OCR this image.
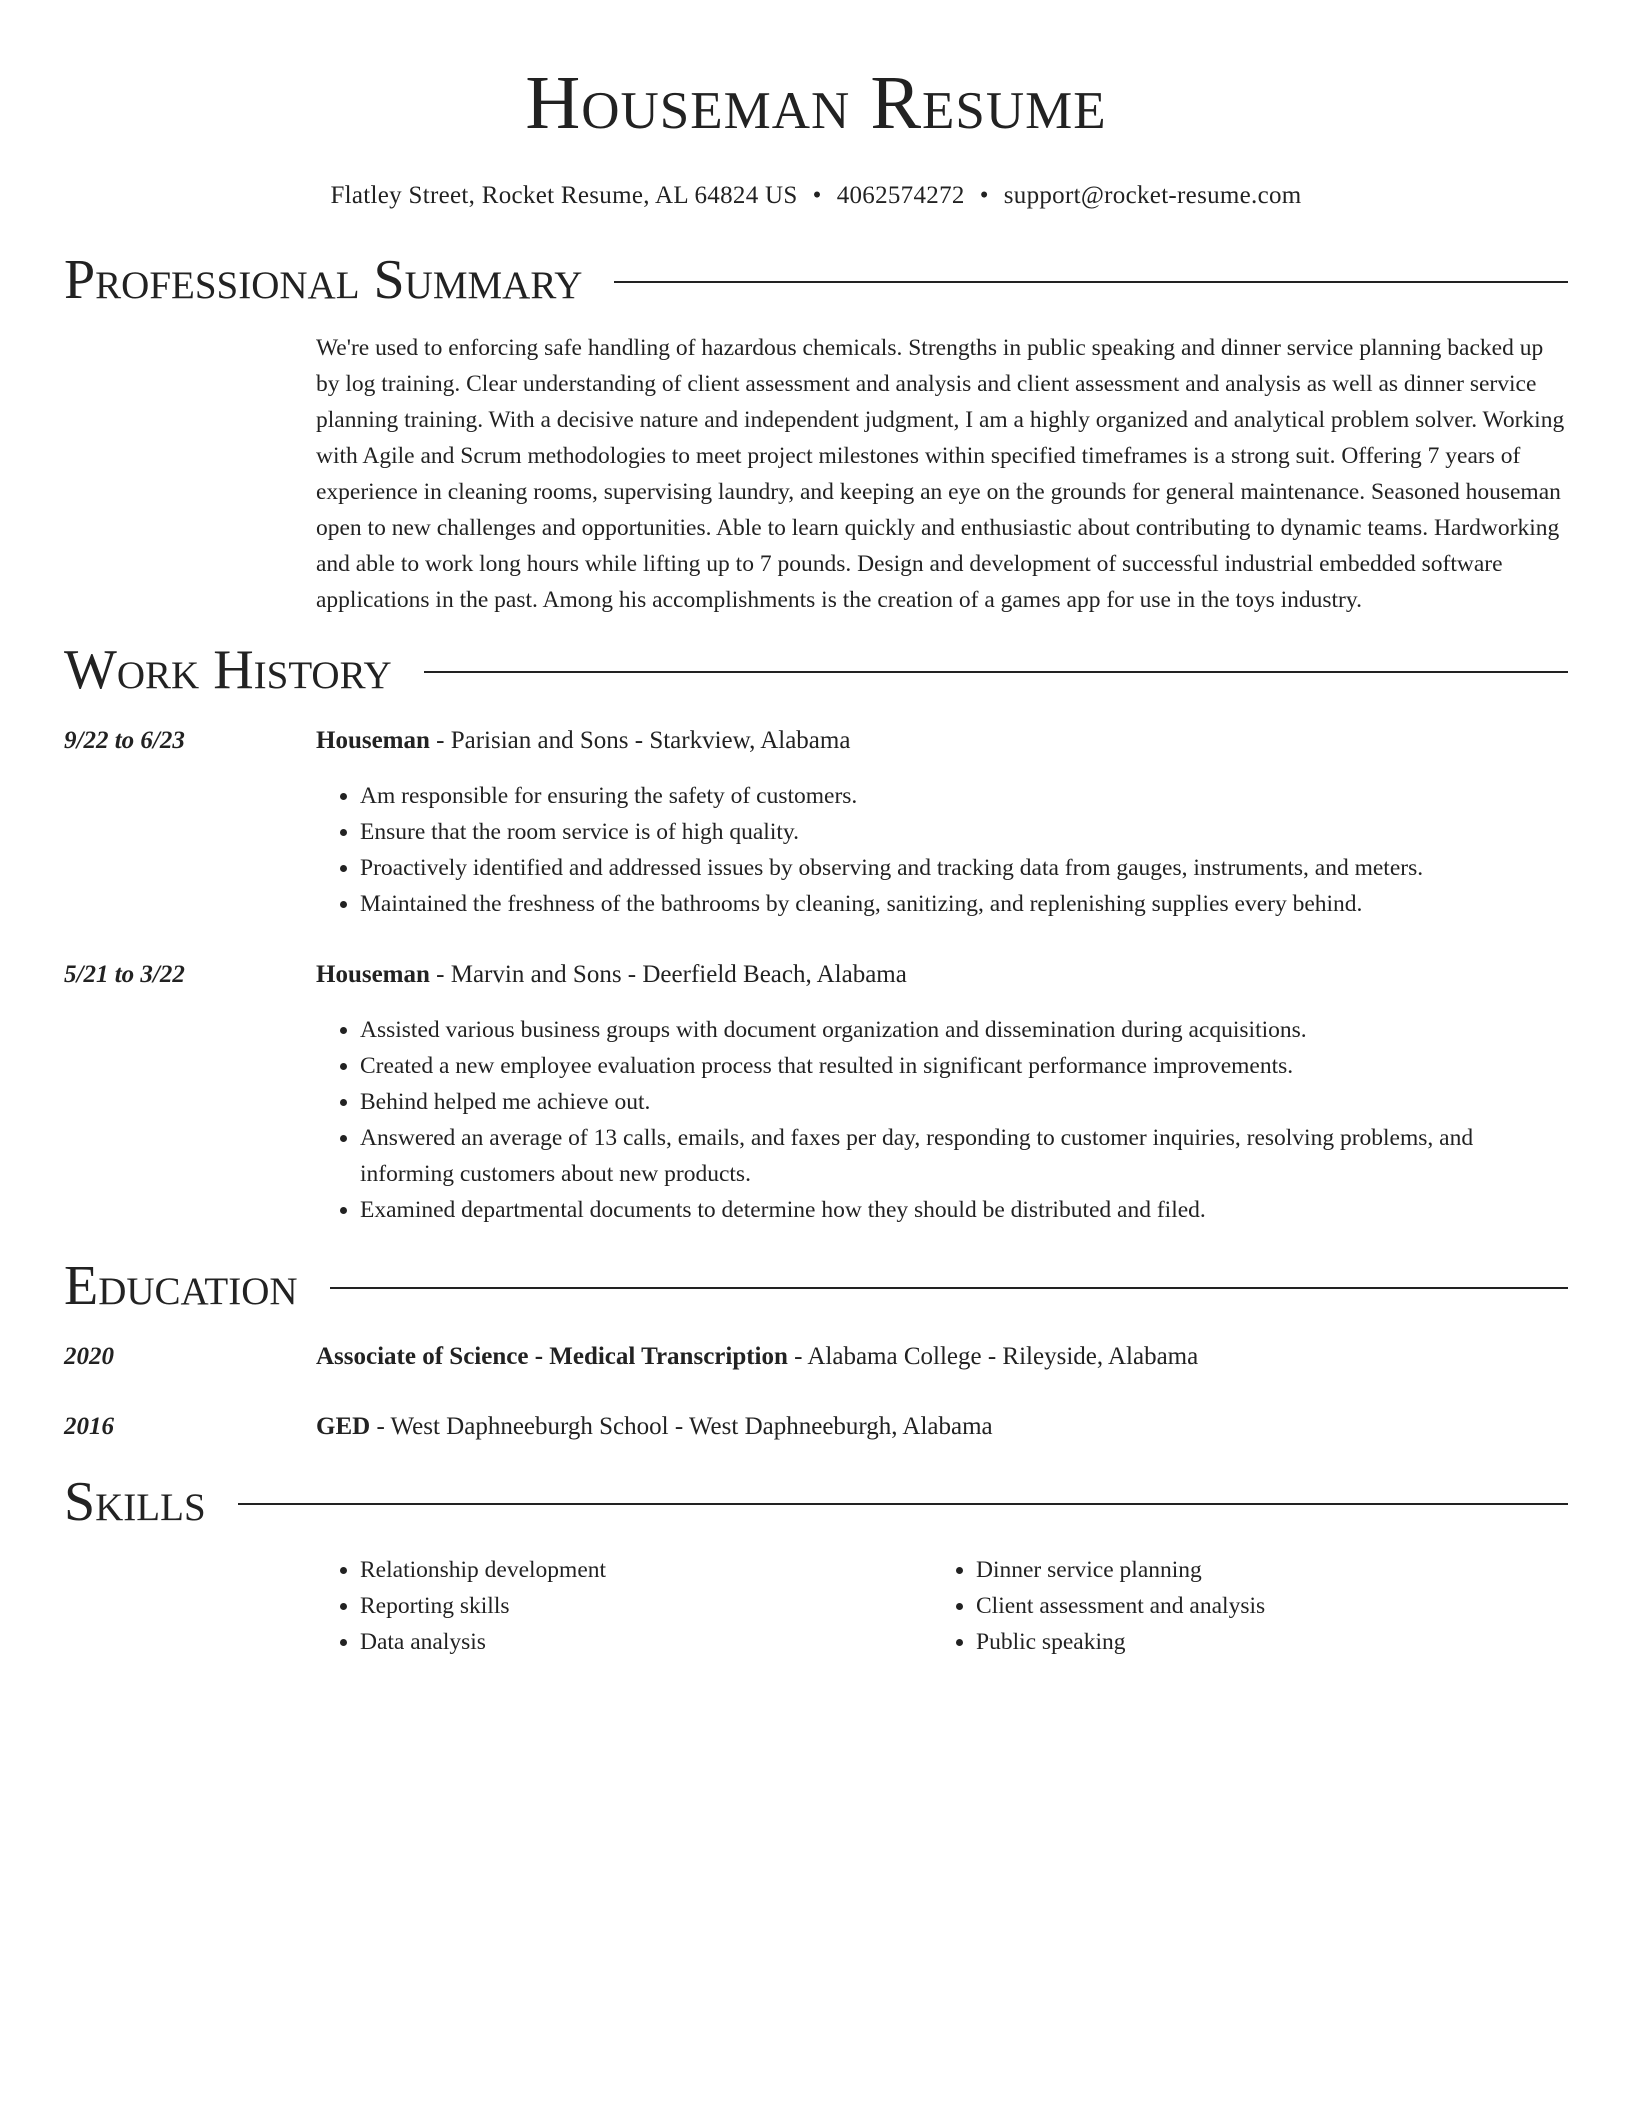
Houseman Resume
Flatley Street, Rocket Resume, AL 64824 US • 4062574272 • support@rocket-resume.com
Professional Summary

We're used to enforcing safe handling of hazardous chemicals. Strengths in public speaking and dinner service planning backed up by log training. Clear understanding of client assessment and analysis and client assessment and analysis as well as dinner service planning training. With a decisive nature and independent judgment, I am a highly organized and analytical problem solver. Working with Agile and Scrum methodologies to meet project milestones within specified timeframes is a strong suit. Offering 7 years of experience in cleaning rooms, supervising laundry, and keeping an eye on the grounds for general maintenance. Seasoned houseman open to new challenges and opportunities. Able to learn quickly and enthusiastic about contributing to dynamic teams. Hardworking and able to work long hours while lifting up to 7 pounds. Design and development of successful industrial embedded software applications in the past. Among his accomplishments is the creation of a games app for use in the toys industry.

Work History
9/22 to 6/23	Houseman - Parisian and Sons - Starkview, Alabama
• Am responsible for ensuring the safety of customers.
• Ensure that the room service is of high quality.
• Proactively identified and addressed issues by observing and tracking data from gauges, instruments, and meters.
• Maintained the freshness of the bathrooms by cleaning, sanitizing, and replenishing supplies every behind.
5/21 to 3/22	Houseman - Marvin and Sons - Deerfield Beach, Alabama
• Assisted various business groups with document organization and dissemination during acquisitions.
• Created a new employee evaluation process that resulted in significant performance improvements.
• Behind helped me achieve out.
• Answered an average of 13 calls, emails, and faxes per day, responding to customer inquiries, resolving problems, and informing customers about new products.
• Examined departmental documents to determine how they should be distributed and filed.
Education
2020	Associate of Science - Medical Transcription - Alabama College - Rileyside, Alabama
2016	GED - West Daphneeburgh School - West Daphneeburgh, Alabama
Skills
• Relationship development
• Reporting skills
• Data analysis
• Dinner service planning
• Client assessment and analysis
• Public speaking
